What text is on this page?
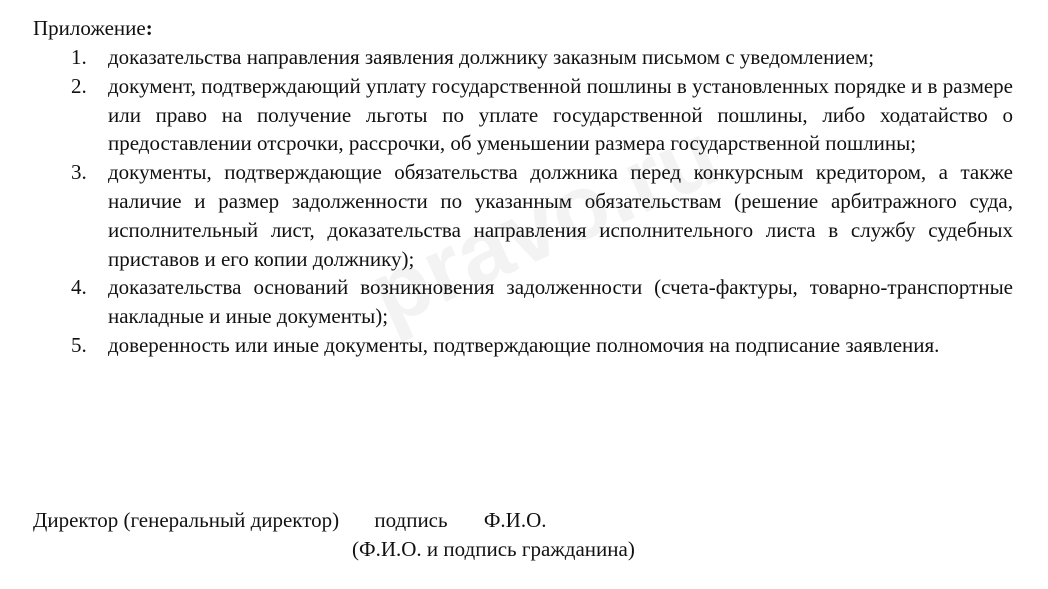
Приложение:

1. доказательства направления заявления должнику заказным письмом с уведомлением;
2. документ, подтверждающий уплату государственной пошлины в установленных порядке и в размере или право на получение льготы по уплате государственной пошлины, либо ходатайство о предоставлении отсрочки, рассрочки, об уменьшении размера государственной пошлины;
3. документы, подтверждающие обязательства должника перед конкурсным кредитором, а также наличие и размер задолженности по указанным обязательствам (решение арбитражного суда, исполнительный лист, доказательства направления исполнительного листа в службу судебных приставов и его копии должнику);
4. доказательства оснований возникновения задолженности (счета-фактуры, товарно-транспортные накладные и иные документы);
5. доверенность или иные документы, подтверждающие полномочия на подписание заявления.
Директор (генеральный директор) подпись Ф.И.О.
(Ф.И.О. и подпись гражданина)
